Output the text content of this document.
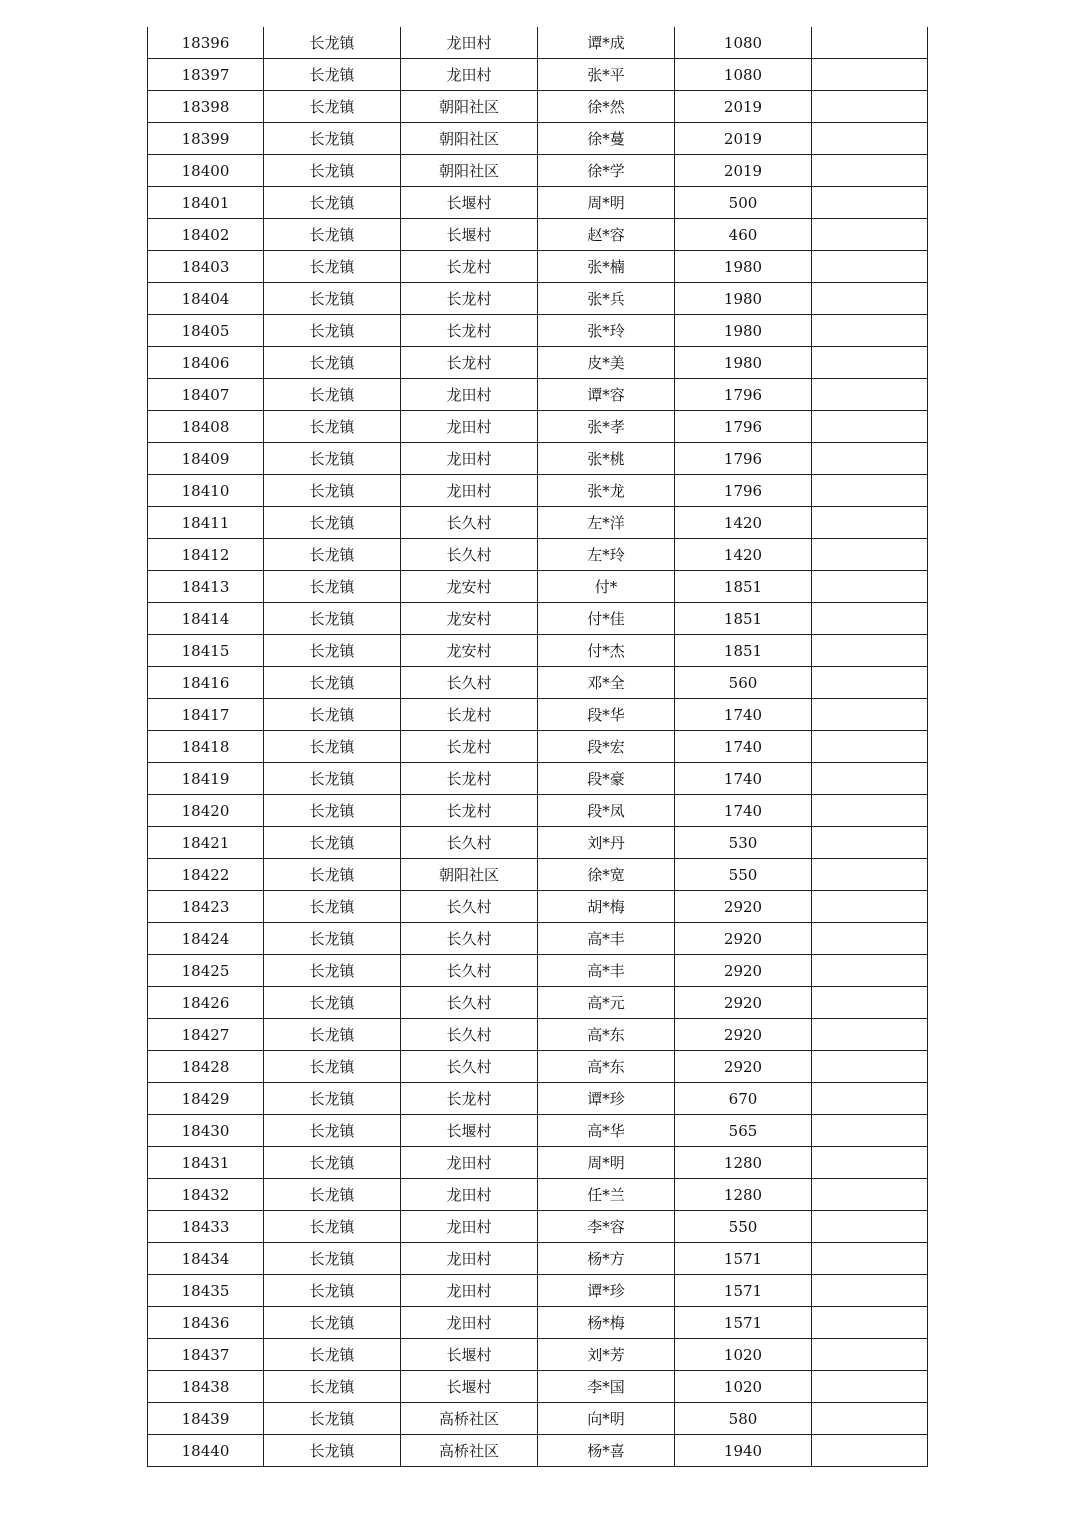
18396	长龙镇	龙田村	谭*成	1080	
18397	长龙镇	龙田村	张*平	1080	
18398	长龙镇	朝阳社区	徐*然	2019	
18399	长龙镇	朝阳社区	徐*蔓	2019	
18400	长龙镇	朝阳社区	徐*学	2019	
18401	长龙镇	长堰村	周*明	500	
18402	长龙镇	长堰村	赵*容	460	
18403	长龙镇	长龙村	张*楠	1980	
18404	长龙镇	长龙村	张*兵	1980	
18405	长龙镇	长龙村	张*玲	1980	
18406	长龙镇	长龙村	皮*美	1980	
18407	长龙镇	龙田村	谭*容	1796	
18408	长龙镇	龙田村	张*孝	1796	
18409	长龙镇	龙田村	张*桃	1796	
18410	长龙镇	龙田村	张*龙	1796	
18411	长龙镇	长久村	左*洋	1420	
18412	长龙镇	长久村	左*玲	1420	
18413	长龙镇	龙安村	付*	1851	
18414	长龙镇	龙安村	付*佳	1851	
18415	长龙镇	龙安村	付*杰	1851	
18416	长龙镇	长久村	邓*全	560	
18417	长龙镇	长龙村	段*华	1740	
18418	长龙镇	长龙村	段*宏	1740	
18419	长龙镇	长龙村	段*豪	1740	
18420	长龙镇	长龙村	段*凤	1740	
18421	长龙镇	长久村	刘*丹	530	
18422	长龙镇	朝阳社区	徐*宽	550	
18423	长龙镇	长久村	胡*梅	2920	
18424	长龙镇	长久村	高*丰	2920	
18425	长龙镇	长久村	高*丰	2920	
18426	长龙镇	长久村	高*元	2920	
18427	长龙镇	长久村	高*东	2920	
18428	长龙镇	长久村	高*东	2920	
18429	长龙镇	长龙村	谭*珍	670	
18430	长龙镇	长堰村	高*华	565	
18431	长龙镇	龙田村	周*明	1280	
18432	长龙镇	龙田村	任*兰	1280	
18433	长龙镇	龙田村	李*容	550	
18434	长龙镇	龙田村	杨*方	1571	
18435	长龙镇	龙田村	谭*珍	1571	
18436	长龙镇	龙田村	杨*梅	1571	
18437	长龙镇	长堰村	刘*芳	1020	
18438	长龙镇	长堰村	李*国	1020	
18439	长龙镇	高桥社区	向*明	580	
18440	长龙镇	高桥社区	杨*喜	1940	
